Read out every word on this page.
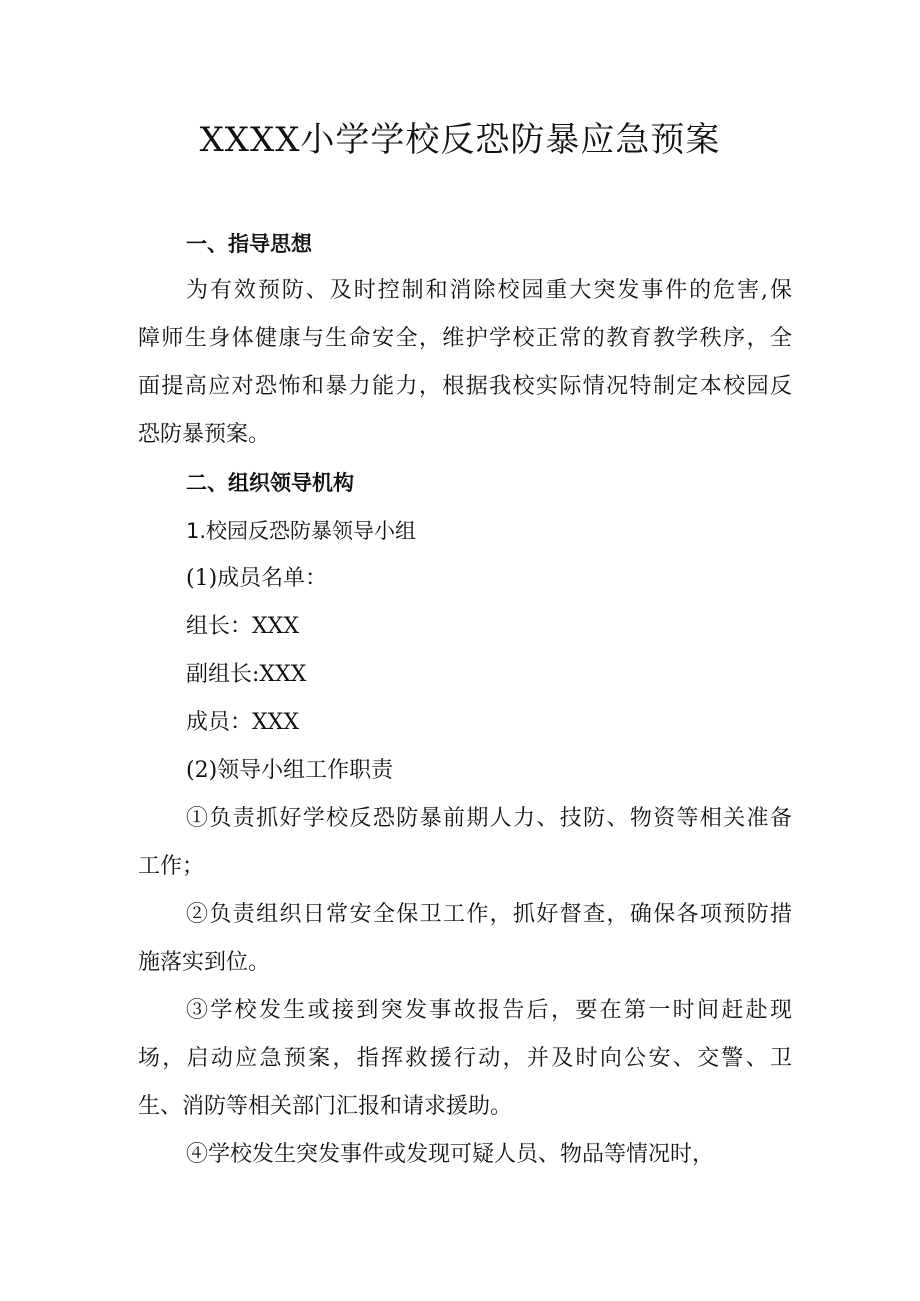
XXXX小学学校反恐防暴应急预案
一、指导思想
为有效预防、及时控制和消除校园重大突发事件的危害,保
障师生身体健康与生命安全，维护学校正常的教育教学秩序，全
面提高应对恐怖和暴力能力，根据我校实际情况特制定本校园反
恐防暴预案。
二、组织领导机构
1.校园反恐防暴领导小组
(1)成员名单：
组长：XXX
副组长:XXX
成员：XXX
(2)领导小组工作职责
①负责抓好学校反恐防暴前期人力、技防、物资等相关准备
工作；
②负责组织日常安全保卫工作，抓好督查，确保各项预防措
施落实到位。
③学校发生或接到突发事故报告后，要在第一时间赶赴现
场，启动应急预案，指挥救援行动，并及时向公安、交警、卫
生、消防等相关部门汇报和请求援助。
④学校发生突发事件或发现可疑人员、物品等情况时，
